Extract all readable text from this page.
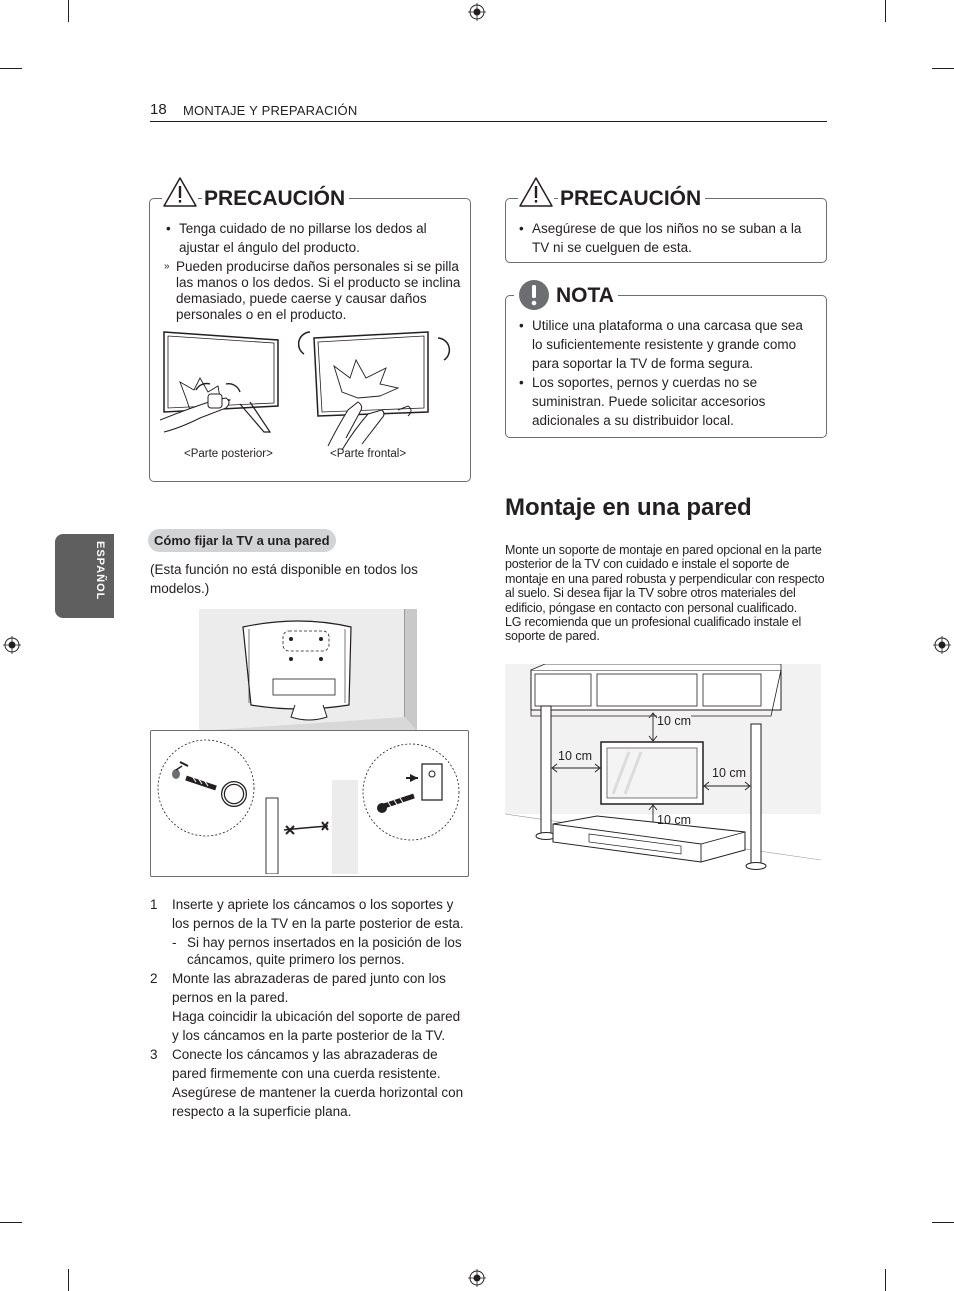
18 MONTAJE Y PREPARACIÓN
ESPAÑOL
PRECAUCIÓN
• Tenga cuidado de no pillarse los dedos al ajustar el ángulo del producto.
» Pueden producirse daños personales si se pilla las manos o los dedos. Si el producto se inclina demasiado, puede caerse y causar daños personales o en el producto.
<Parte posterior>	<Parte frontal>
Cómo fijar la TV a una pared
(Esta función no está disponible en todos los modelos.)
1 Inserte y apriete los cáncamos o los soportes y los pernos de la TV en la parte posterior de esta.
- Si hay pernos insertados en la posición de los cáncamos, quite primero los pernos.
2 Monte las abrazaderas de pared junto con los pernos en la pared.
Haga coincidir la ubicación del soporte de pared y los cáncamos en la parte posterior de la TV.
3 Conecte los cáncamos y las abrazaderas de pared firmemente con una cuerda resistente.
Asegúrese de mantener la cuerda horizontal con respecto a la superficie plana.
PRECAUCIÓN
• Asegúrese de que los niños no se suban a la TV ni se cuelguen de esta.
NOTA
• Utilice una plataforma o una carcasa que sea lo suficientemente resistente y grande como para soportar la TV de forma segura.
• Los soportes, pernos y cuerdas no se suministran. Puede solicitar accesorios adicionales a su distribuidor local.
Montaje en una pared
Monte un soporte de montaje en pared opcional en la parte posterior de la TV con cuidado e instale el soporte de montaje en una pared robusta y perpendicular con respecto al suelo. Si desea fijar la TV sobre otros materiales del edificio, póngase en contacto con personal cualificado.
LG recomienda que un profesional cualificado instale el soporte de pared.
10 cm
10 cm
10 cm
10 cm
